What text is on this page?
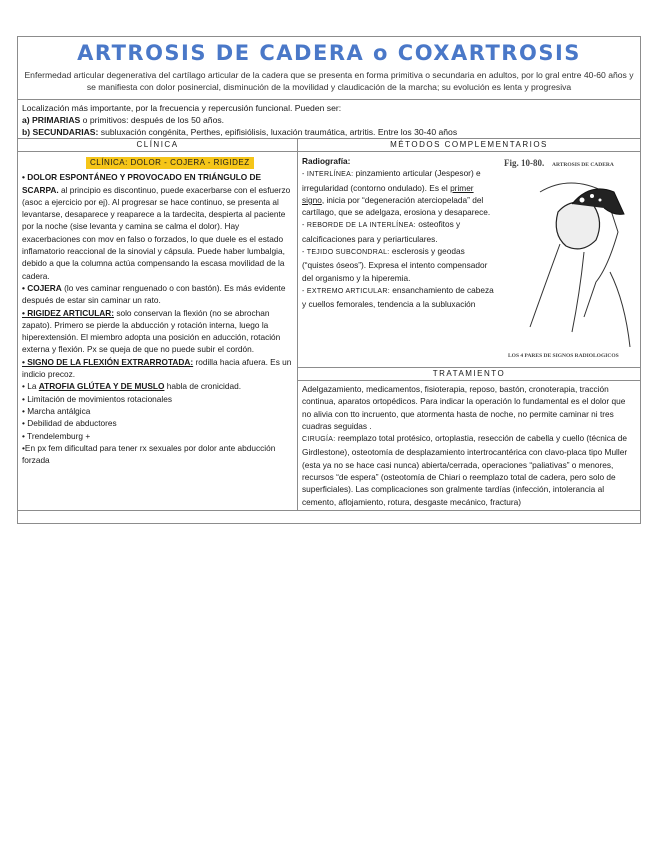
ARTROSIS DE CADERA o COXARTROSIS
Enfermedad articular degenerativa del cartílago articular de la cadera que se presenta en forma primitiva o secundaria en adultos, por lo gral entre 40-60 años y se manifiesta con dolor posinercial, disminución de la movilidad y claudicación de la marcha; su evolución es lenta y progresiva

Localización más importante, por la frecuencia y repercusión funcional. Pueden ser:

a) PRIMARIAS o primitivos: después de los 50 años.

b) SECUNDARIAS: subluxación congénita, Perthes, epifisiólisis, luxación traumática, artritis. Entre los 30-40 años

CLÍNICA
CLÍNICA: DOLOR - COJERA - RIGIDEZ

• DOLOR ESPONTÁNEO Y PROVOCADO EN TRIÁNGULO DE SCARPA. al principio es discontinuo, puede exacerbarse con el esfuerzo (asoc a ejercicio por ej). Al progresar se hace continuo, se presenta al levantarse, desaparece y reaparece a la tardecita, despierta al paciente por la noche (sise levanta y camina se calma el dolor). Hay exacerbaciones con mov en falso o forzados, lo que duele es el estado inflamatorio reaccional de la sinovial y cápsula. Puede haber lumbalgia, debido a que la columna actúa compensando la escasa movilidad de la cadera.

• COJERA (lo ves caminar renguenado o con bastón). Es más evidente después de estar sin caminar un rato.

• RIGIDEZ ARTICULAR: solo conservan la flexión (no se abrochan zapato). Primero se pierde la abducción y rotación interna, luego la hiperextensión. El miembro adopta una posición en aducción, rotación externa y flexión. Px se queja de que no puede subir el cordón.

• SIGNO DE LA FLEXIÓN EXTRARROTADA: rodilla hacia afuera. Es un indicio precoz.

• La ATROFIA GLÚTEA Y DE MUSLO habla de cronicidad.

• Limitación de movimientos rotacionales

• Marcha antálgica

• Debilidad de abductores

• Trendelemburg +

•En px fem dificultad para tener rx sexuales por dolor ante abducción forzada

MÉTODOS COMPLEMENTARIOS

Radiografía:

- INTERLÍNEA: pinzamiento articular (Jespesor) e irregularidad (contorno ondulado). Es el primer signo, inicia por “degeneración aterciopelada” del cartílago, que se adelgaza, erosiona y desaparece.

- REBORDE DE LA INTERLÍNEA: osteofitos y calcificaciones para y periarticulares.

- TEJIDO SUBCONDRAL: esclerosis y geodas (“quistes óseos”). Expresa el intento compensador del organismo y la hiperemia.

- EXTREMO ARTICULAR: ensanchamiento de cabeza y cuellos femorales, tendencia a la subluxación

Fig. 10-80. ARTROSIS DE CADERA
LOS 4 PARES DE SIGNOS RADIOLOGICOS
TRATAMIENTO

Adelgazamiento, medicamentos, fisioterapia, reposo, bastón, cronoterapia, tracción continua, aparatos ortopédicos. Para indicar la operación lo fundamental es el dolor que no alivia con tto incruento, que atormenta hasta de noche, no permite caminar ni tres cuadras seguidas .

CIRUGÍA: reemplazo total protésico, ortoplastia, resección de cabella y cuello (técnica de Girdlestone), osteotomía de desplazamiento intertrocantérica con clavo-placa tipo Muller (esta ya no se hace casi nunca) abierta/cerrada, operaciones “paliativas” o menores, recursos “de espera” (osteotomía de Chiari o reemplazo total de cadera, pero solo de superficiales). Las complicaciones son gralmente tardías (infección, intolerancia al cemento, aflojamiento, rotura, desgaste mecánico, fractura)
